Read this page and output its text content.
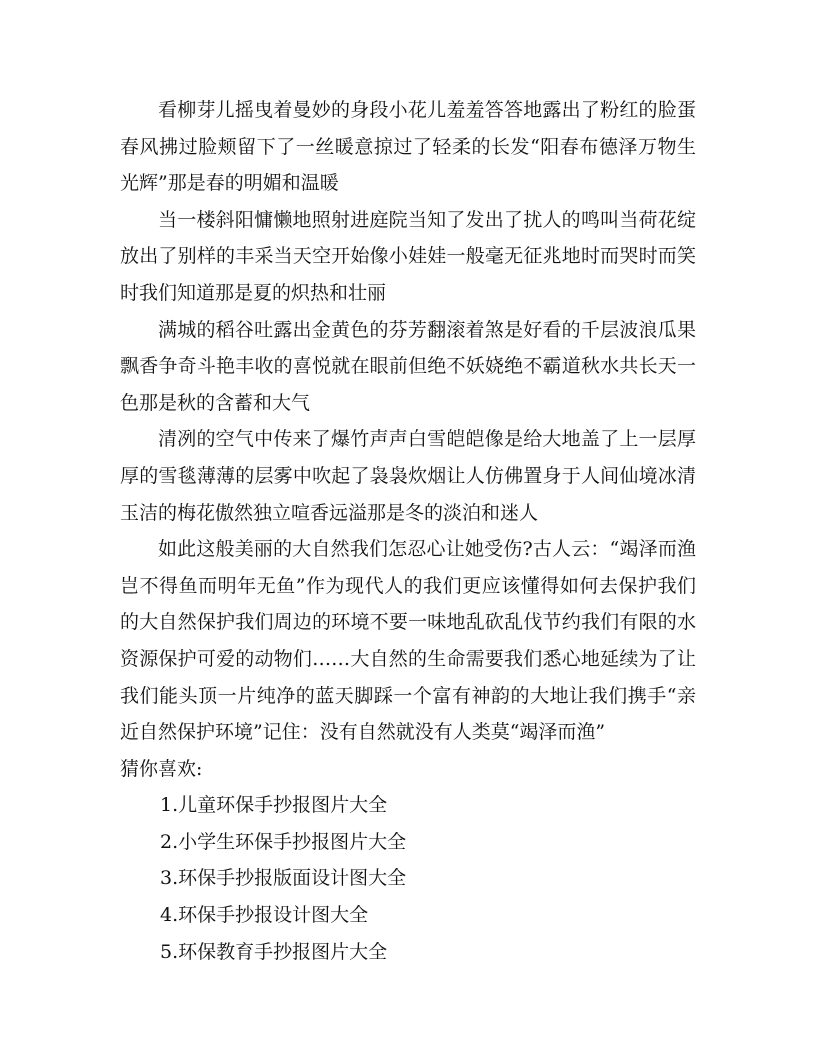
看柳芽儿摇曳着曼妙的身段小花儿羞羞答答地露出了粉红的脸蛋春风拂过脸颊留下了一丝暖意掠过了轻柔的长发“阳春布德泽万物生光辉”那是春的明媚和温暖

当一楼斜阳慵懒地照射进庭院当知了发出了扰人的鸣叫当荷花绽放出了别样的丰采当天空开始像小娃娃一般毫无征兆地时而哭时而笑时我们知道那是夏的炽热和壮丽

满城的稻谷吐露出金黄色的芬芳翻滚着煞是好看的千层波浪瓜果飘香争奇斗艳丰收的喜悦就在眼前但绝不妖娆绝不霸道秋水共长天一色那是秋的含蓄和大气

清冽的空气中传来了爆竹声声白雪皑皑像是给大地盖了上一层厚厚的雪毯薄薄的层雾中吹起了袅袅炊烟让人仿佛置身于人间仙境冰清玉洁的梅花傲然独立喧香远溢那是冬的淡泊和迷人

如此这般美丽的大自然我们怎忍心让她受伤?古人云：“竭泽而渔岂不得鱼而明年无鱼”作为现代人的我们更应该懂得如何去保护我们的大自然保护我们周边的环境不要一味地乱砍乱伐节约我们有限的水资源保护可爱的动物们……大自然的生命需要我们悉心地延续为了让我们能头顶一片纯净的蓝天脚踩一个富有神韵的大地让我们携手“亲近自然保护环境”记住：没有自然就没有人类莫“竭泽而渔”

猜你喜欢:

1.儿童环保手抄报图片大全
2.小学生环保手抄报图片大全
3.环保手抄报版面设计图大全
4.环保手抄报设计图大全
5.环保教育手抄报图片大全
